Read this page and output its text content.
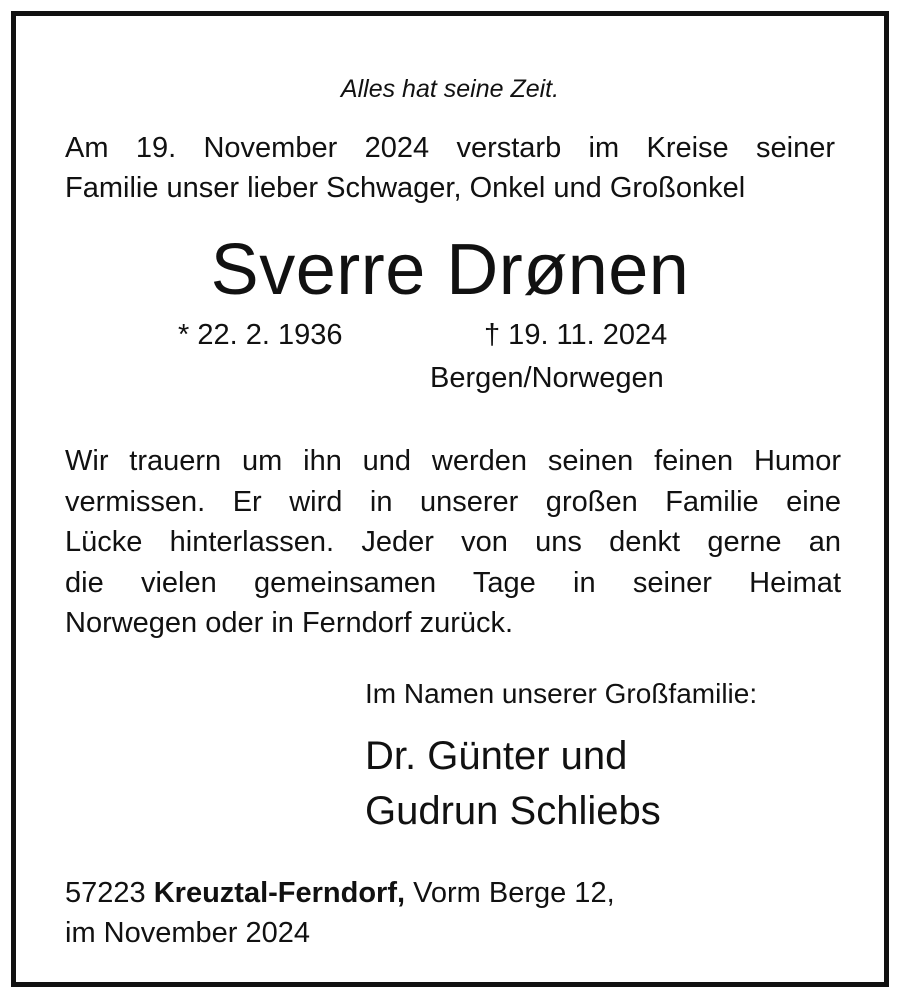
Alles hat seine Zeit.
Am 19. November 2024 verstarb im Kreise seiner
Familie unser lieber Schwager, Onkel und Großonkel
Sverre Drønen
* 22. 2. 1936	† 19. 11. 2024
Bergen/Norwegen
Wir trauern um ihn und werden seinen feinen Humor
vermissen. Er wird in unserer großen Familie eine
Lücke hinterlassen. Jeder von uns denkt gerne an
die vielen gemeinsamen Tage in seiner Heimat
Norwegen oder in Ferndorf zurück.
Im Namen unserer Großfamilie:
Dr. Günter und
Gudrun Schliebs
57223 Kreuztal-Ferndorf, Vorm Berge 12,
im November 2024
